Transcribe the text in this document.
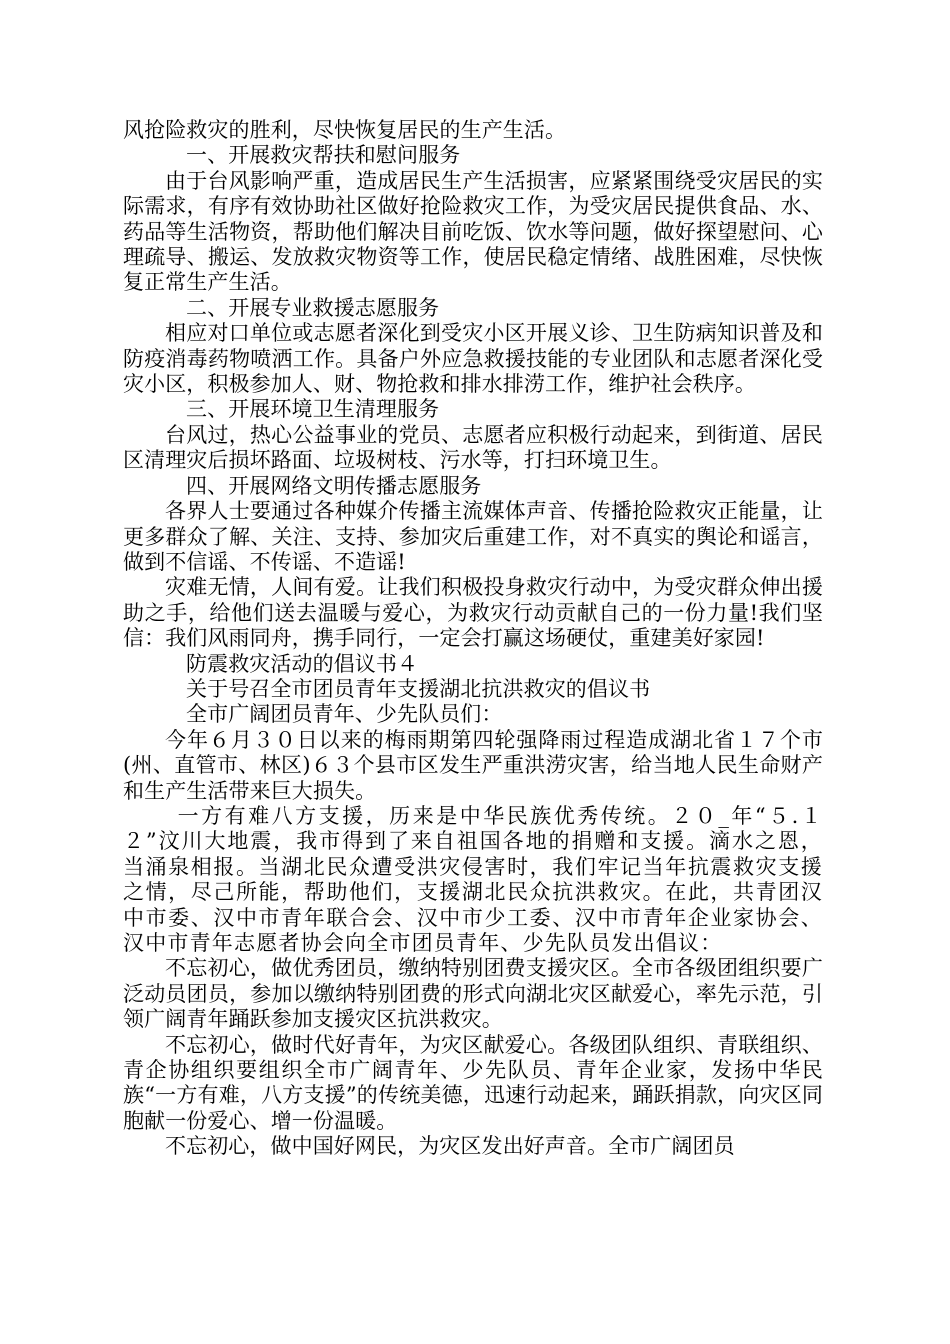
风抢险救灾的胜利，尽快恢复居民的生产生活。

一、开展救灾帮扶和慰问服务

由于台风影响严重，造成居民生产生活损害，应紧紧围绕受灾居民的实际需求，有序有效协助社区做好抢险救灾工作，为受灾居民提供食品、水、药品等生活物资，帮助他们解决目前吃饭、饮水等问题，做好探望慰问、心理疏导、搬运、发放救灾物资等工作，使居民稳定情绪、战胜困难，尽快恢复正常生产生活。

二、开展专业救援志愿服务

相应对口单位或志愿者深化到受灾小区开展义诊、卫生防病知识普及和防疫消毒药物喷洒工作。具备户外应急救援技能的专业团队和志愿者深化受灾小区，积极参加人、财、物抢救和排水排涝工作，维护社会秩序。

三、开展环境卫生清理服务

台风过，热心公益事业的党员、志愿者应积极行动起来，到街道、居民区清理灾后损坏路面、垃圾树枝、污水等，打扫环境卫生。

四、开展网络文明传播志愿服务

各界人士要通过各种媒介传播主流媒体声音、传播抢险救灾正能量，让更多群众了解、关注、支持、参加灾后重建工作，对不真实的舆论和谣言，做到不信谣、不传谣、不造谣!

灾难无情，人间有爱。让我们积极投身救灾行动中，为受灾群众伸出援助之手，给他们送去温暖与爱心，为救灾行动贡献自己的一份力量!我们坚信：我们风雨同舟，携手同行，一定会打赢这场硬仗，重建美好家园!

防震救灾活动的倡议书４

关于号召全市团员青年支援湖北抗洪救灾的倡议书

全市广阔团员青年、少先队员们：

今年６月３０日以来的梅雨期第四轮强降雨过程造成湖北省１７个市(州、直管市、林区)６３个县市区发生严重洪涝灾害，给当地人民生命财产和生产生活带来巨大损失。

一方有难八方支援，历来是中华民族优秀传统。２０_年“５.１２”汶川大地震，我市得到了来自祖国各地的捐赠和支援。滴水之恩，当涌泉相报。当湖北民众遭受洪灾侵害时，我们牢记当年抗震救灾支援之情，尽己所能，帮助他们，支援湖北民众抗洪救灾。在此，共青团汉中市委、汉中市青年联合会、汉中市少工委、汉中市青年企业家协会、汉中市青年志愿者协会向全市团员青年、少先队员发出倡议：

不忘初心，做优秀团员，缴纳特别团费支援灾区。全市各级团组织要广泛动员团员，参加以缴纳特别团费的形式向湖北灾区献爱心，率先示范，引领广阔青年踊跃参加支援灾区抗洪救灾。

不忘初心，做时代好青年，为灾区献爱心。各级团队组织、青联组织、青企协组织要组织全市广阔青年、少先队员、青年企业家，发扬中华民族“一方有难，八方支援”的传统美德，迅速行动起来，踊跃捐款，向灾区同胞献一份爱心、增一份温暖。

不忘初心，做中国好网民，为灾区发出好声音。全市广阔团员
